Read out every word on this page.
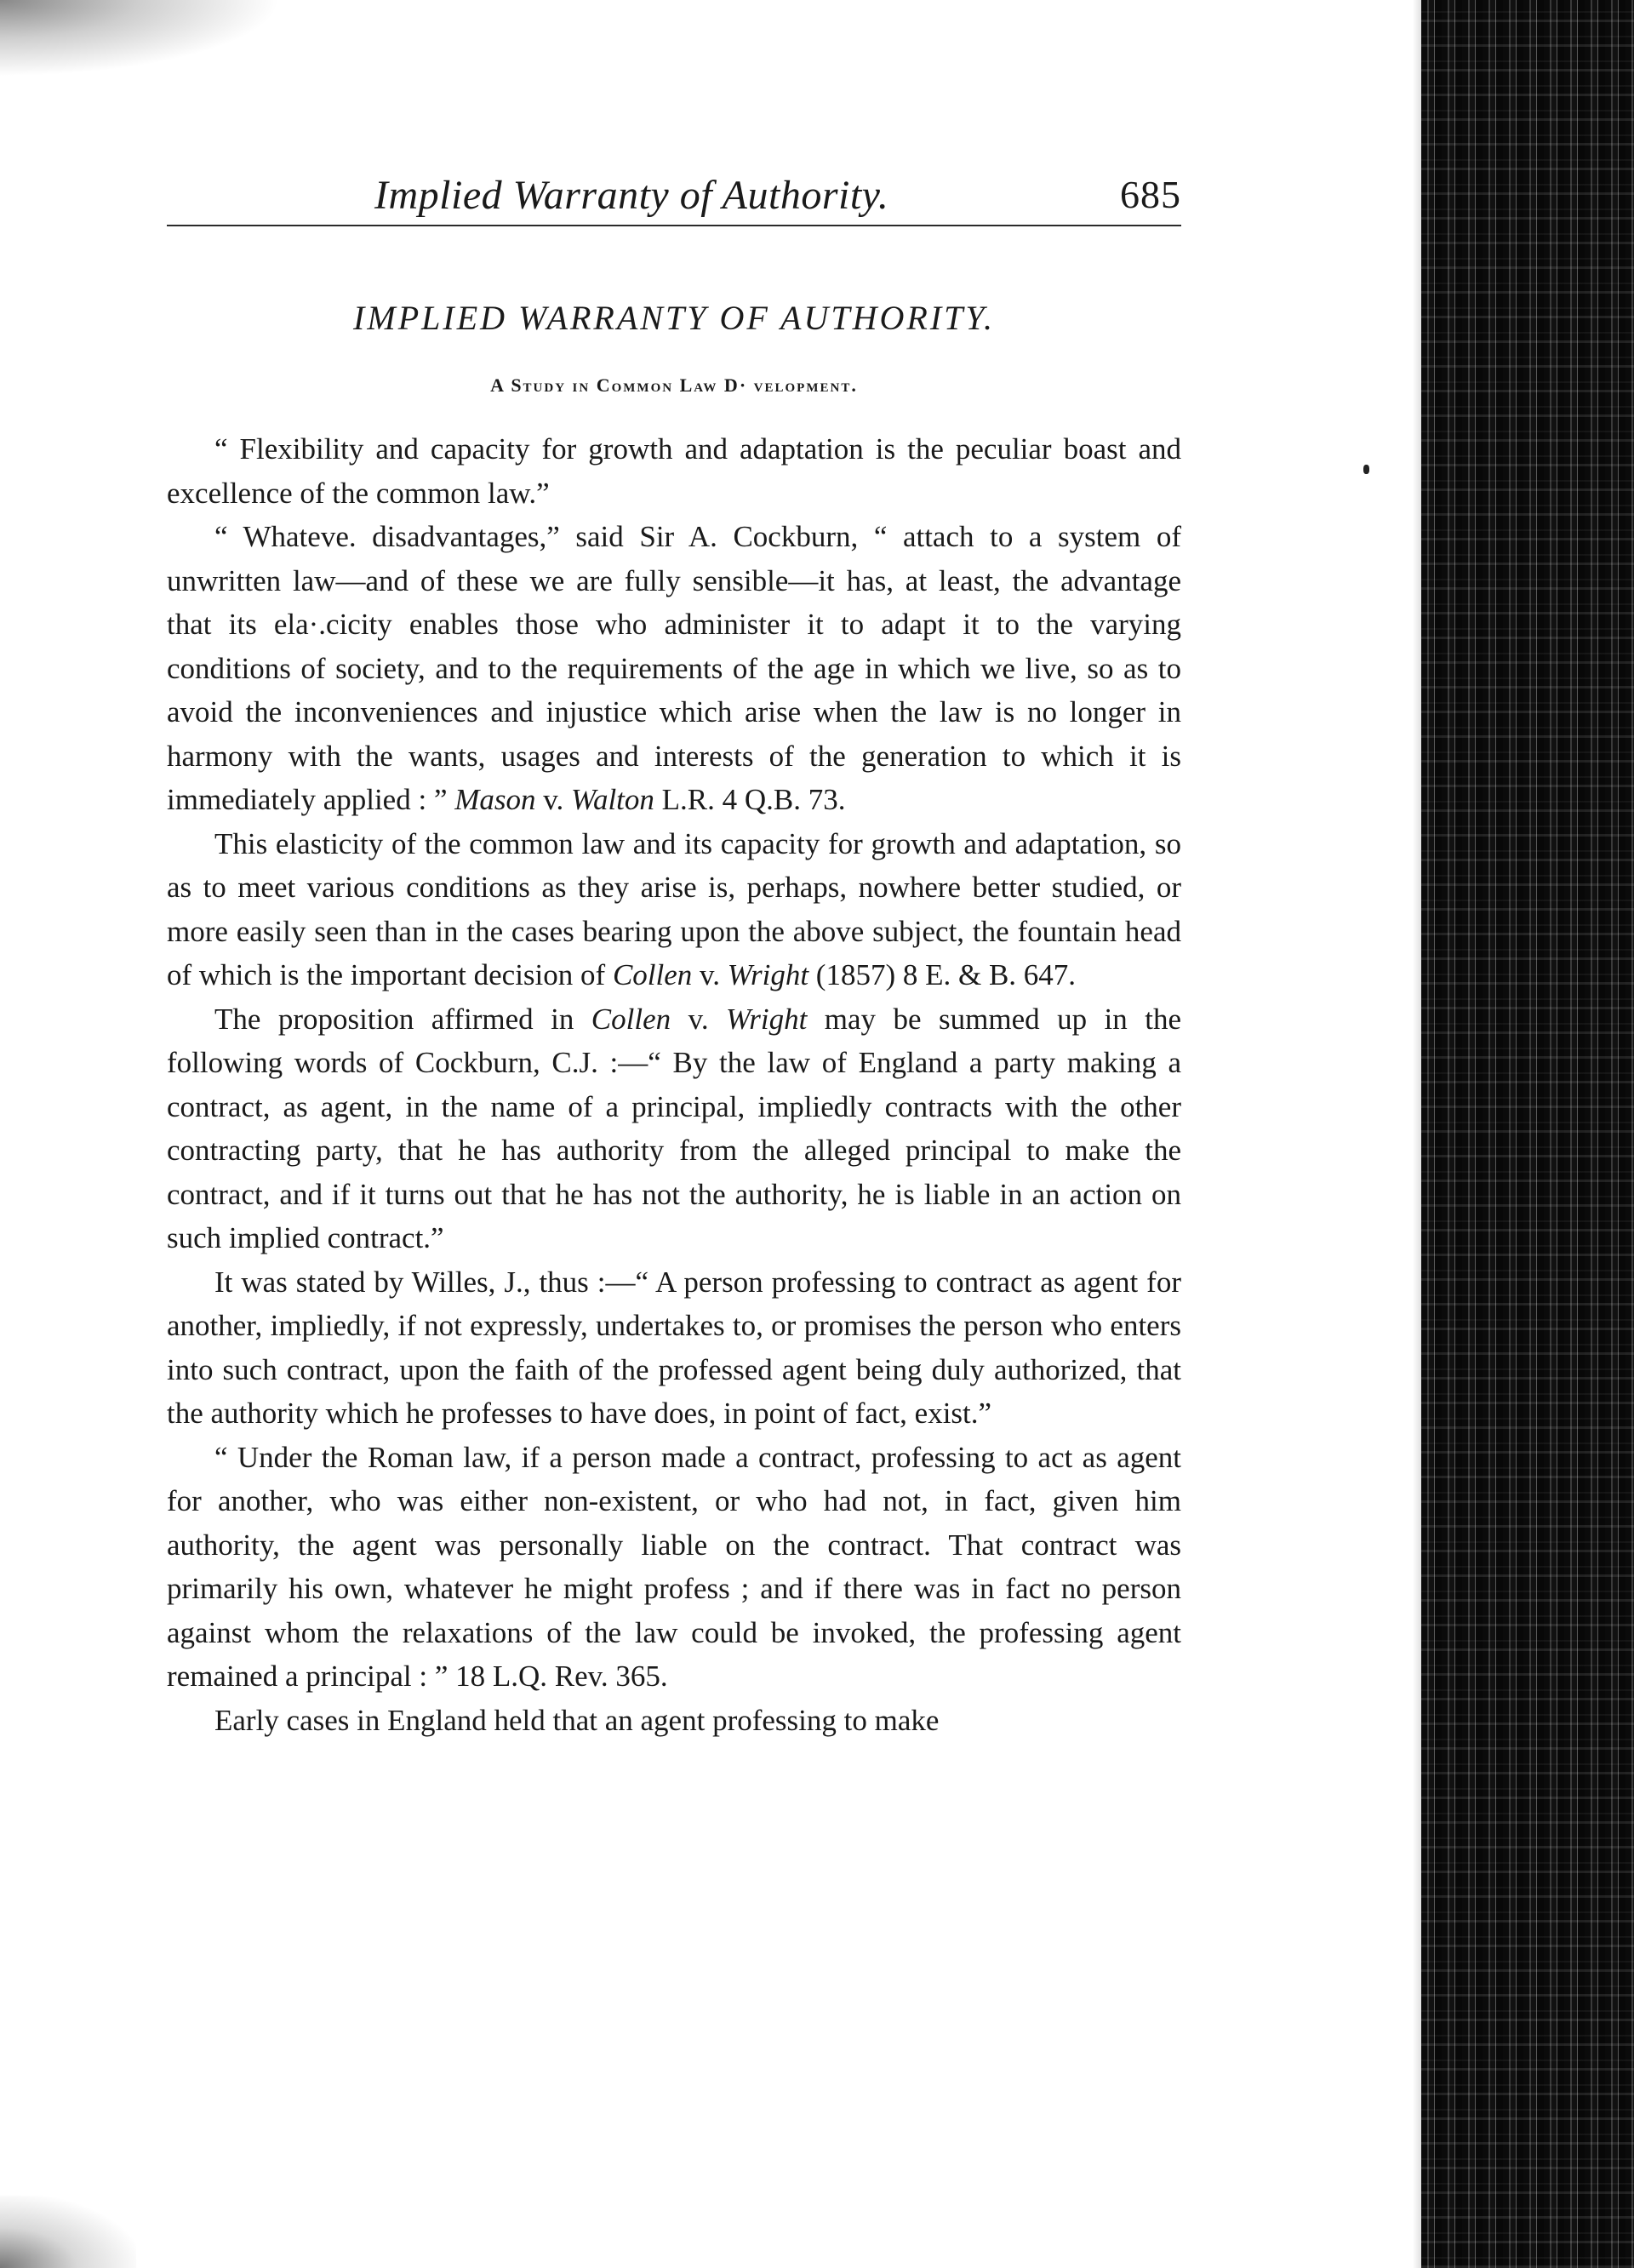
Implied Warranty of Authority.	685
IMPLIED WARRANTY OF AUTHORITY.
A Study in Common Law D· velopment.

“ Flexibility and capacity for growth and adaptation is the peculiar boast and excellence of the common law.”

“ Whateve. disadvantages,” said Sir A. Cockburn, “ attach to a system of unwritten law—and of these we are fully sensible—it has, at least, the advantage that its ela·.cicity enables those who administer it to adapt it to the varying conditions of society, and to the requirements of the age in which we live, so as to avoid the inconveniences and injustice which arise when the law is no longer in harmony with the wants, usages and interests of the generation to which it is immediately applied : ” Mason v. Walton L.R. 4 Q.B. 73.

This elasticity of the common law and its capacity for growth and adaptation, so as to meet various conditions as they arise is, perhaps, nowhere better studied, or more easily seen than in the cases bearing upon the above subject, the fountain head of which is the important decision of Collen v. Wright (1857) 8 E. & B. 647.

The proposition affirmed in Collen v. Wright may be summed up in the following words of Cockburn, C.J. :—“ By the law of England a party making a contract, as agent, in the name of a principal, impliedly contracts with the other contracting party, that he has authority from the alleged principal to make the contract, and if it turns out that he has not the authority, he is liable in an action on such implied contract.”

It was stated by Willes, J., thus :—“ A person professing to contract as agent for another, impliedly, if not expressly, undertakes to, or promises the person who enters into such contract, upon the faith of the professed agent being duly authorized, that the authority which he professes to have does, in point of fact, exist.”

“ Under the Roman law, if a person made a contract, professing to act as agent for another, who was either non-existent, or who had not, in fact, given him authority, the agent was personally liable on the contract. That contract was primarily his own, whatever he might profess ; and if there was in fact no person against whom the relaxations of the law could be invoked, the professing agent remained a principal : ” 18 L.Q. Rev. 365.

Early cases in England held that an agent professing to make
